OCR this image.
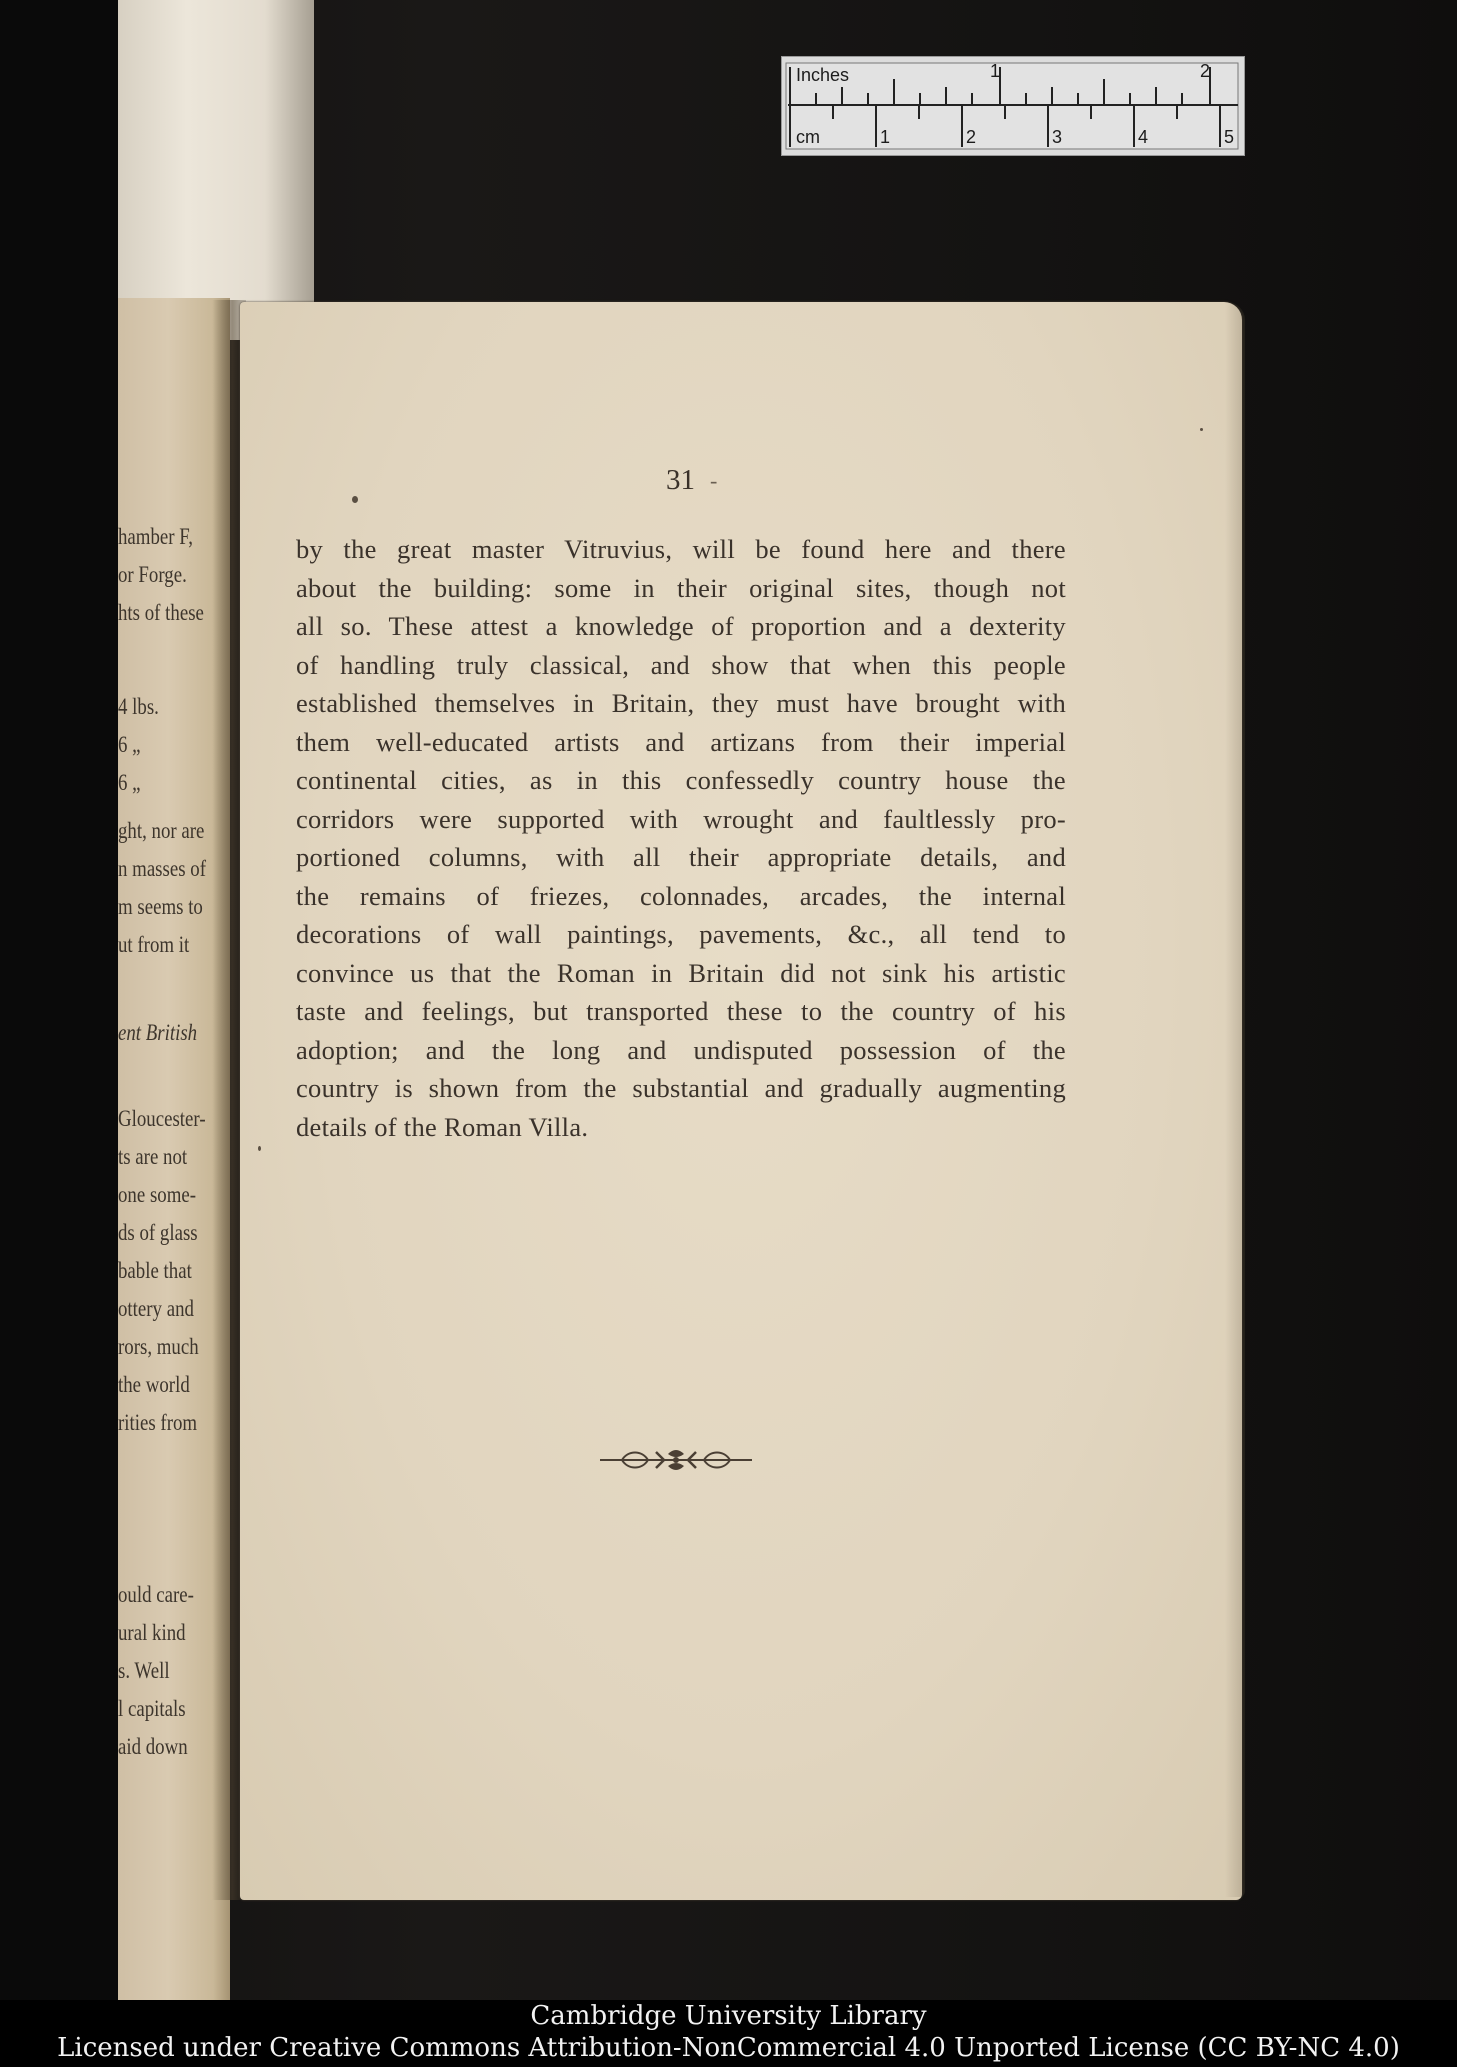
hamber F,
or Forge.
hts of these
4 lbs.
6 „
6 „
ght, nor are
n masses of
m seems to
ut from it
ent British
Gloucester-
ts are not
one some-
ds of glass
bable that
ottery and
rors, much
the world
rities from
ould care-
ural kind
s. Well
l capitals
aid down
Inches	1	2
cm	1	2	3	4	5
31 -
by the great master Vitruvius, will be found here and there
about the building: some in their original sites, though not
all so. These attest a knowledge of proportion and a dexterity
of handling truly classical, and show that when this people
established themselves in Britain, they must have brought with
them well-educated artists and artizans from their imperial
continental cities, as in this confessedly country house the
corridors were supported with wrought and faultlessly pro-
portioned columns, with all their appropriate details, and
the remains of friezes, colonnades, arcades, the internal
decorations of wall paintings, pavements, &c., all tend to
convince us that the Roman in Britain did not sink his artistic
taste and feelings, but transported these to the country of his
adoption; and the long and undisputed possession of the
country is shown from the substantial and gradually augmenting
details of the Roman Villa.
Cambridge University Library
Licensed under Creative Commons Attribution-NonCommercial 4.0 Unported License (CC BY-NC 4.0)
